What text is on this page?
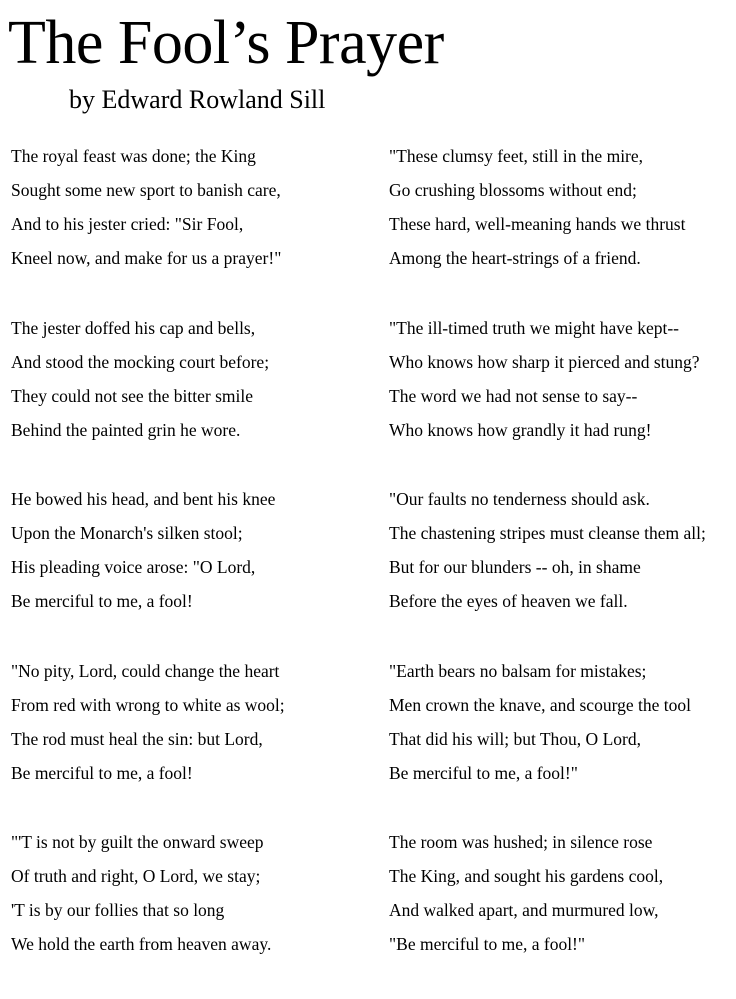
The Fool’s Prayer
by Edward Rowland Sill
The royal feast was done; the King
Sought some new sport to banish care,
And to his jester cried: "Sir Fool,
Kneel now, and make for us a prayer!"
The jester doffed his cap and bells,
And stood the mocking court before;
They could not see the bitter smile
Behind the painted grin he wore.
He bowed his head, and bent his knee
Upon the Monarch's silken stool;
His pleading voice arose: "O Lord,
Be merciful to me, a fool!
"No pity, Lord, could change the heart
From red with wrong to white as wool;
The rod must heal the sin: but Lord,
Be merciful to me, a fool!
"'T is not by guilt the onward sweep
Of truth and right, O Lord, we stay;
'T is by our follies that so long
We hold the earth from heaven away.
"These clumsy feet, still in the mire,
Go crushing blossoms without end;
These hard, well-meaning hands we thrust
Among the heart-strings of a friend.
"The ill-timed truth we might have kept--
Who knows how sharp it pierced and stung?
The word we had not sense to say--
Who knows how grandly it had rung!
"Our faults no tenderness should ask.
The chastening stripes must cleanse them all;
But for our blunders -- oh, in shame
Before the eyes of heaven we fall.
"Earth bears no balsam for mistakes;
Men crown the knave, and scourge the tool
That did his will; but Thou, O Lord,
Be merciful to me, a fool!"
The room was hushed; in silence rose
The King, and sought his gardens cool,
And walked apart, and murmured low,
"Be merciful to me, a fool!"
